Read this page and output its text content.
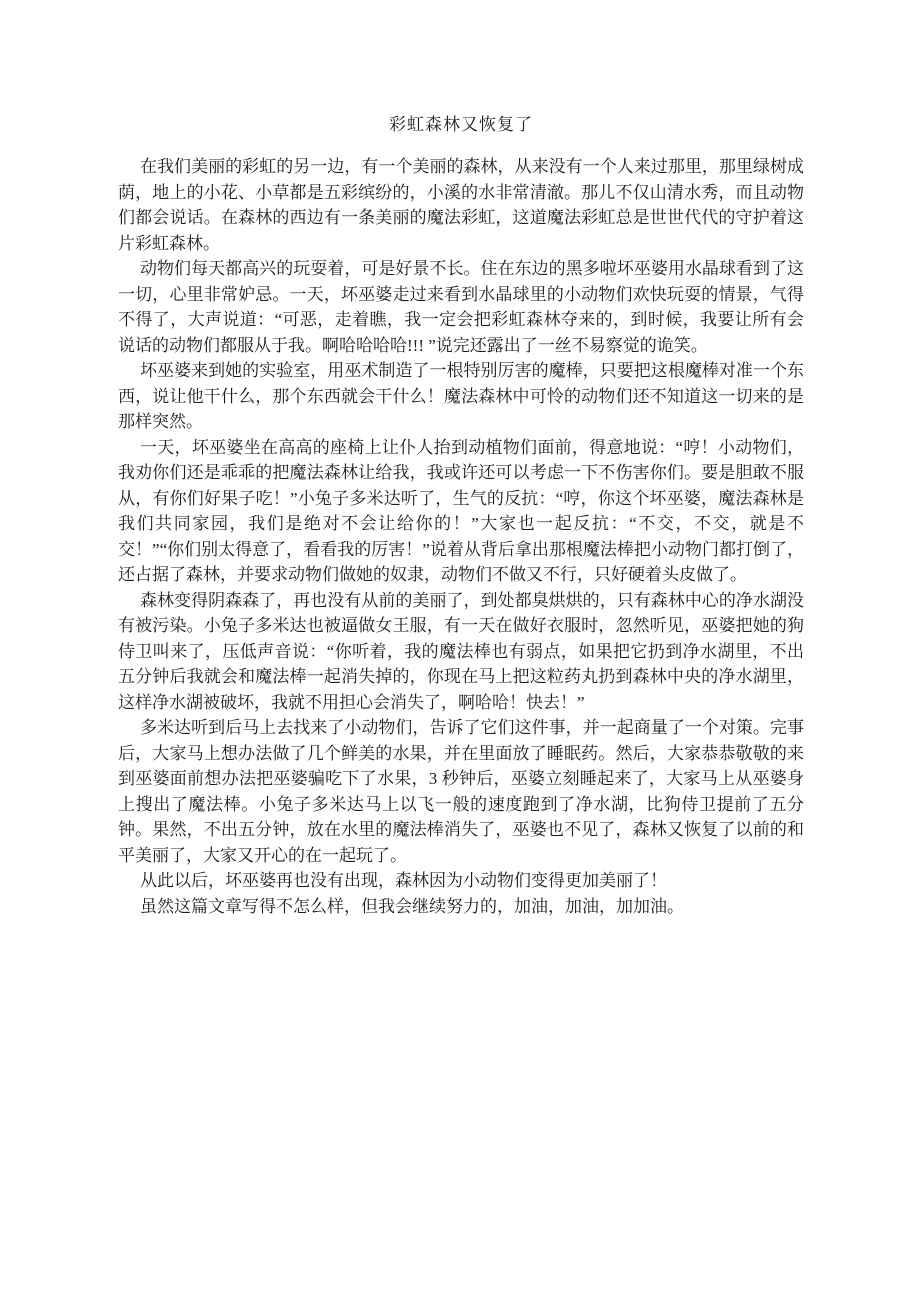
彩虹森林又恢复了

在我们美丽的彩虹的另一边，有一个美丽的森林，从来没有一个人来过那里，那里绿树成荫，地上的小花、小草都是五彩缤纷的，小溪的水非常清澈。那儿不仅山清水秀，而且动物们都会说话。在森林的西边有一条美丽的魔法彩虹，这道魔法彩虹总是世世代代的守护着这片彩虹森林。

动物们每天都高兴的玩耍着，可是好景不长。住在东边的黑多啦坏巫婆用水晶球看到了这一切，心里非常妒忌。一天，坏巫婆走过来看到水晶球里的小动物们欢快玩耍的情景，气得不得了，大声说道：“可恶，走着瞧，我一定会把彩虹森林夺来的，到时候，我要让所有会说话的动物们都服从于我。啊哈哈哈哈!!! ”说完还露出了一丝不易察觉的诡笑。

坏巫婆来到她的实验室，用巫术制造了一根特别厉害的魔棒，只要把这根魔棒对准一个东西，说让他干什么，那个东西就会干什么！魔法森林中可怜的动物们还不知道这一切来的是那样突然。

一天，坏巫婆坐在高高的座椅上让仆人抬到动植物们面前，得意地说：“哼！小动物们，我劝你们还是乖乖的把魔法森林让给我，我或许还可以考虑一下不伤害你们。要是胆敢不服从，有你们好果子吃！”小兔子多米达听了，生气的反抗：“哼，你这个坏巫婆，魔法森林是我们共同家园，我们是绝对不会让给你的！”大家也一起反抗：“不交，不交，就是不交！”“你们别太得意了，看看我的厉害！”说着从背后拿出那根魔法棒把小动物门都打倒了，还占据了森林，并要求动物们做她的奴隶，动物们不做又不行，只好硬着头皮做了。

森林变得阴森森了，再也没有从前的美丽了，到处都臭烘烘的，只有森林中心的净水湖没有被污染。小兔子多米达也被逼做女王服，有一天在做好衣服时，忽然听见，巫婆把她的狗侍卫叫来了，压低声音说：“你听着，我的魔法棒也有弱点，如果把它扔到净水湖里，不出五分钟后我就会和魔法棒一起消失掉的，你现在马上把这粒药丸扔到森林中央的净水湖里，这样净水湖被破坏，我就不用担心会消失了，啊哈哈！快去！”

多米达听到后马上去找来了小动物们，告诉了它们这件事，并一起商量了一个对策。完事后，大家马上想办法做了几个鲜美的水果，并在里面放了睡眠药。然后，大家恭恭敬敬的来到巫婆面前想办法把巫婆骗吃下了水果，3 秒钟后，巫婆立刻睡起来了，大家马上从巫婆身上搜出了魔法棒。小兔子多米达马上以飞一般的速度跑到了净水湖，比狗侍卫提前了五分钟。果然，不出五分钟，放在水里的魔法棒消失了，巫婆也不见了，森林又恢复了以前的和平美丽了，大家又开心的在一起玩了。

从此以后，坏巫婆再也没有出现，森林因为小动物们变得更加美丽了！

虽然这篇文章写得不怎么样，但我会继续努力的，加油，加油，加加油。
